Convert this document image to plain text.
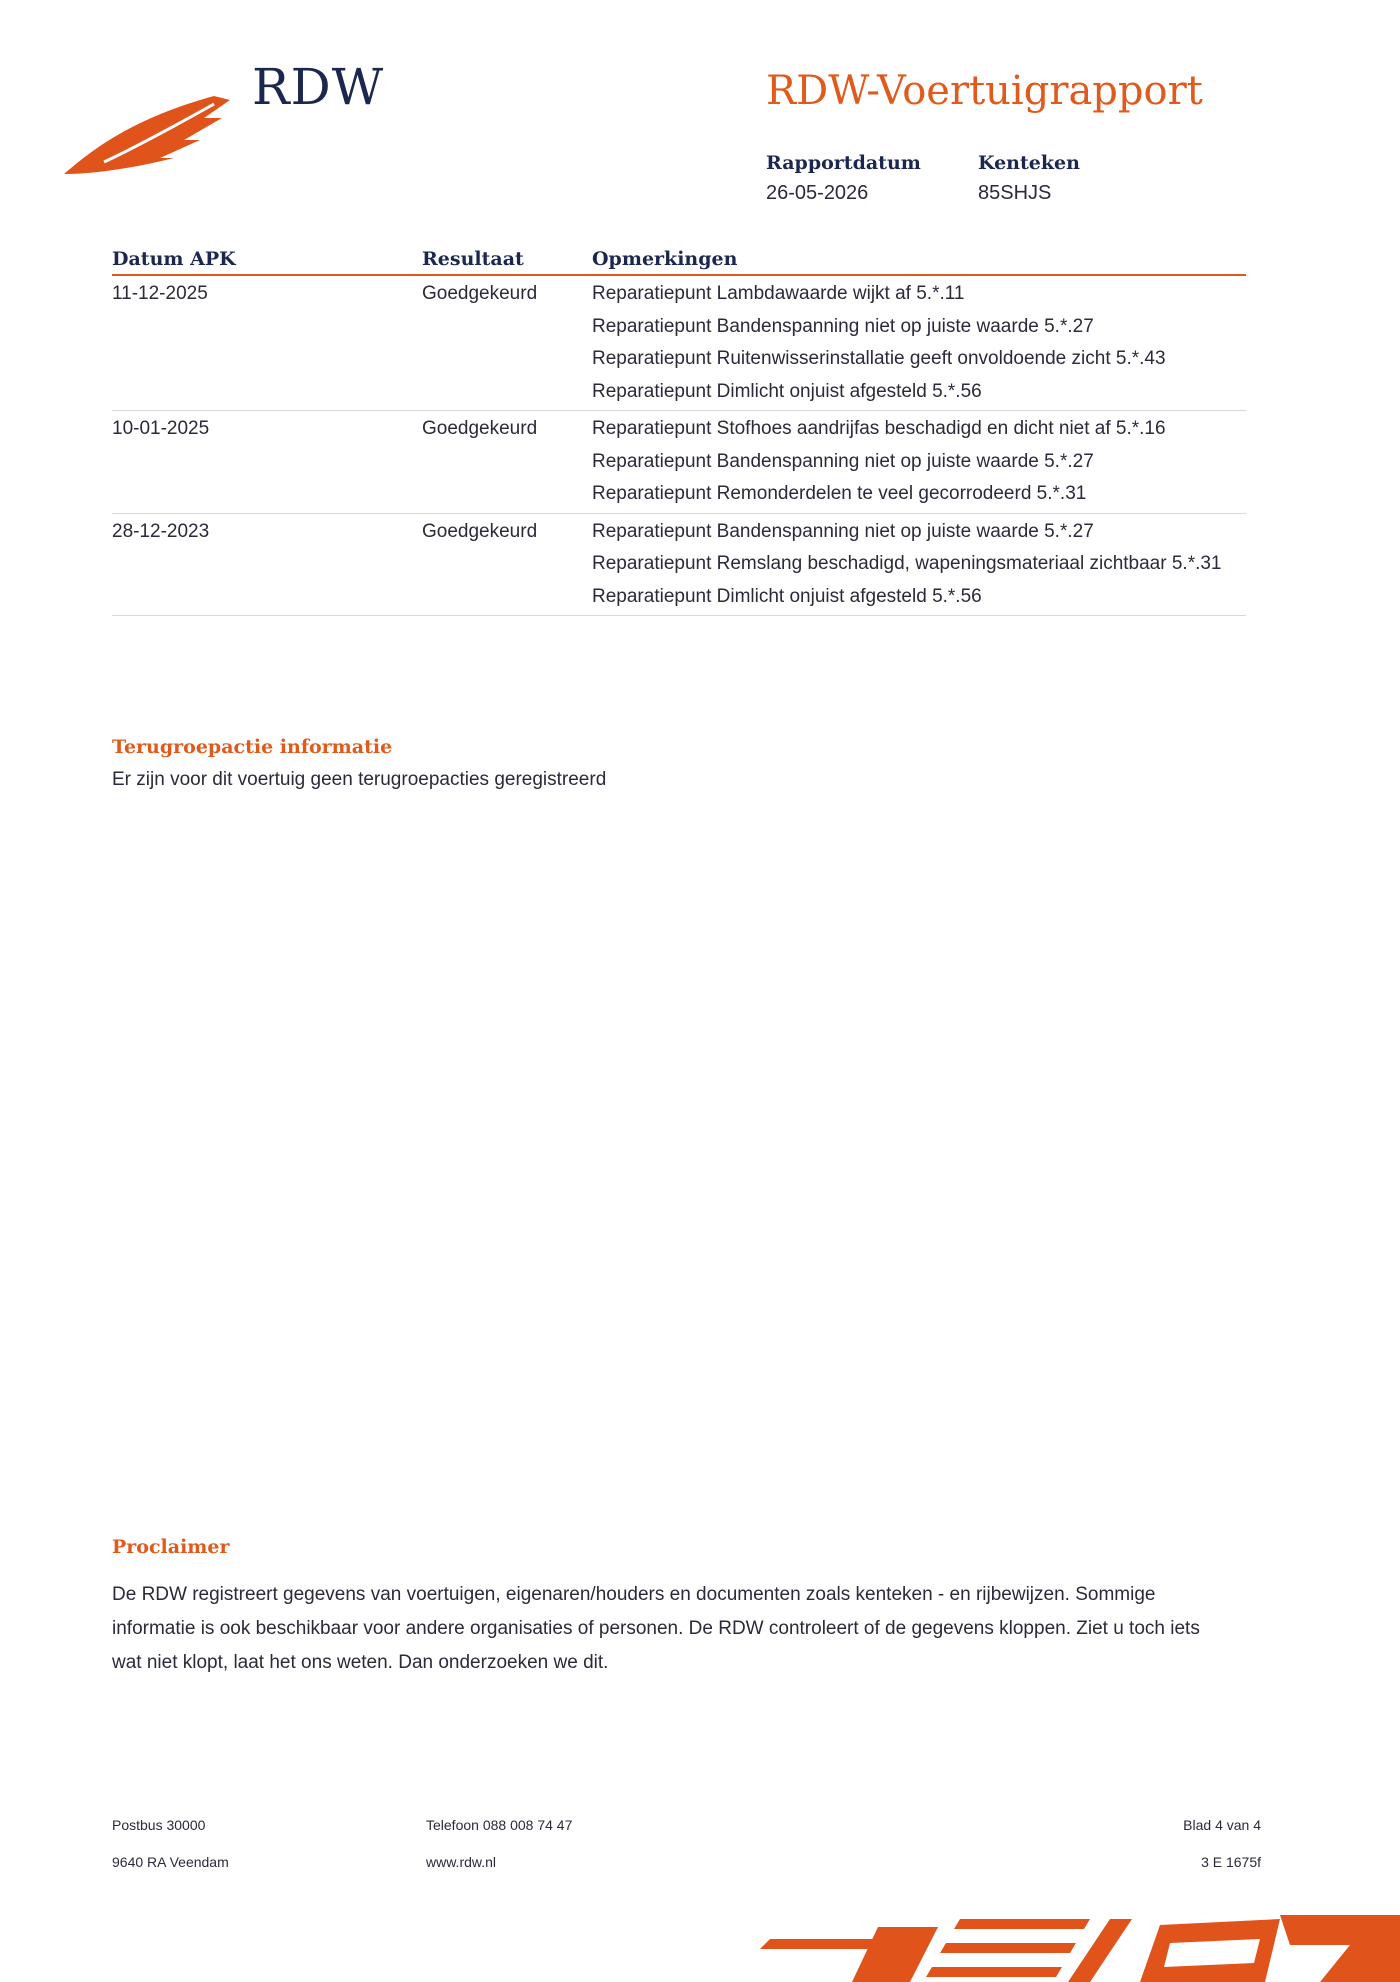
RDW	RDW-Voertuigrapport
Rapportdatum
26-05-2026
Kenteken
85SHJS
Datum APK	Resultaat	Opmerkingen
11-12-2025	Goedgekeurd	Reparatiepunt Lambdawaarde wijkt af 5.*.11
Reparatiepunt Bandenspanning niet op juiste waarde 5.*.27
Reparatiepunt Ruitenwisserinstallatie geeft onvoldoende zicht 5.*.43
Reparatiepunt Dimlicht onjuist afgesteld 5.*.56
10-01-2025	Goedgekeurd	Reparatiepunt Stofhoes aandrijfas beschadigd en dicht niet af 5.*.16
Reparatiepunt Bandenspanning niet op juiste waarde 5.*.27
Reparatiepunt Remonderdelen te veel gecorrodeerd 5.*.31
28-12-2023	Goedgekeurd	Reparatiepunt Bandenspanning niet op juiste waarde 5.*.27
Reparatiepunt Remslang beschadigd, wapeningsmateriaal zichtbaar 5.*.31
Reparatiepunt Dimlicht onjuist afgesteld 5.*.56
Terugroepactie informatie
Er zijn voor dit voertuig geen terugroepacties geregistreerd
Proclaimer
De RDW registreert gegevens van voertuigen, eigenaren/houders en documenten zoals kenteken - en rijbewijzen. Sommige informatie is ook beschikbaar voor andere organisaties of personen. De RDW controleert of de gegevens kloppen. Ziet u toch iets wat niet klopt, laat het ons weten. Dan onderzoeken we dit.
Postbus 30000
9640 RA Veendam
Telefoon 088 008 74 47
www.rdw.nl
Blad 4 van 4
3 E 1675f
